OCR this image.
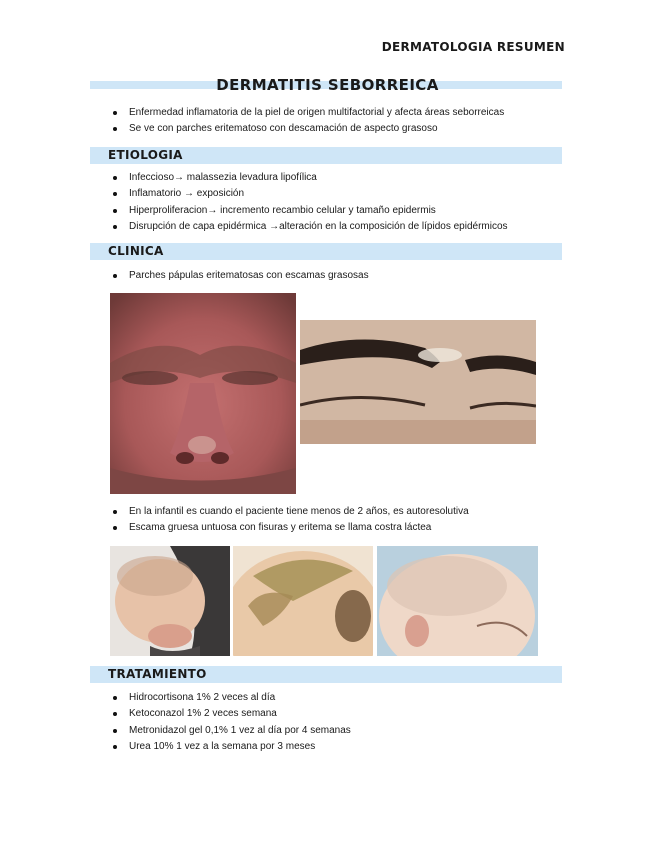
DERMATOLOGIA RESUMEN
DERMATITIS SEBORREICA
Enfermedad inflamatoria de la piel de origen multifactorial y afecta áreas seborreicas
Se ve con parches eritematoso con descamación de aspecto grasoso
ETIOLOGIA
Infeccioso→ malassezia levadura lipofílica
Inflamatorio → exposición
Hiperproliferacion→ incremento recambio celular y tamaño epidermis
Disrupción de capa epidérmica →alteración en la composición de lípidos epidérmicos
CLINICA
Parches pápulas eritematosas con escamas grasosas
En la infantil es cuando el paciente tiene menos de 2 años, es autoresolutiva
Escama gruesa untuosa con fisuras y eritema se llama costra láctea
TRATAMIENTO
Hidrocortisona 1% 2 veces al día
Ketoconazol 1% 2 veces semana
Metronidazol gel 0,1% 1 vez al día por 4 semanas
Urea 10% 1 vez a la semana por 3 meses
